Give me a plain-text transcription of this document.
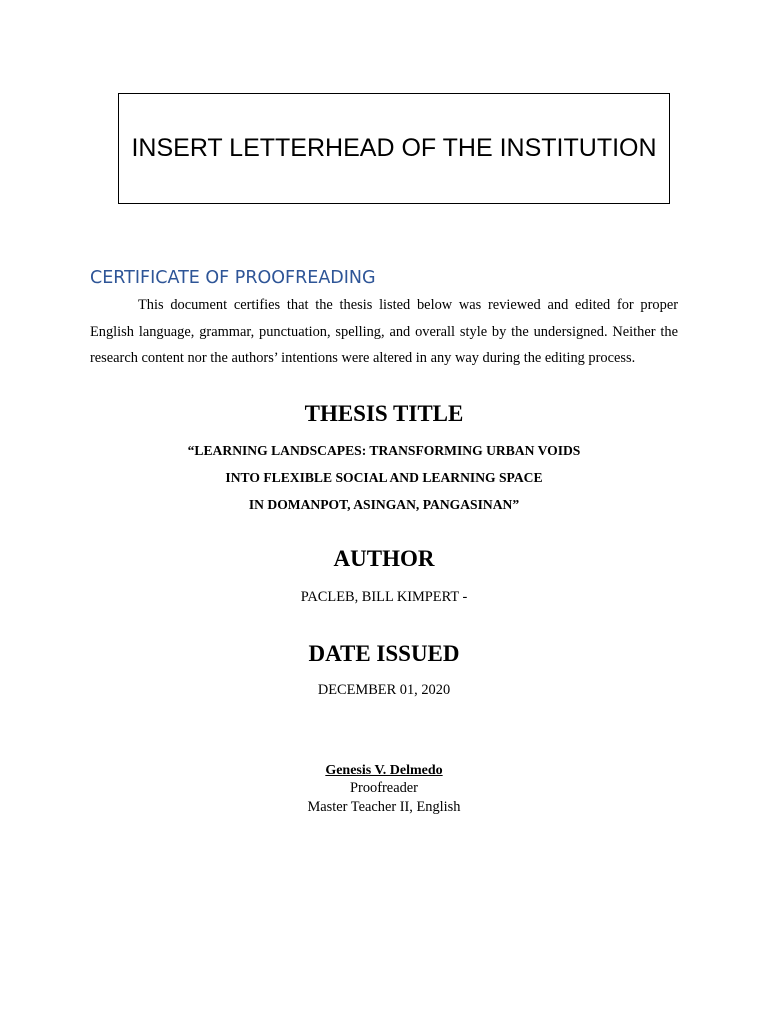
INSERT LETTERHEAD OF THE INSTITUTION
CERTIFICATE OF PROOFREADING

This document certifies that the thesis listed below was reviewed and edited for proper English language, grammar, punctuation, spelling, and overall style by the undersigned. Neither the research content nor the authors’ intentions were altered in any way during the editing process.

THESIS TITLE

“LEARNING LANDSCAPES: TRANSFORMING URBAN VOIDS

INTO FLEXIBLE SOCIAL AND LEARNING SPACE

IN DOMANPOT, ASINGAN, PANGASINAN”

AUTHOR

PACLEB, BILL KIMPERT -

DATE ISSUED

DECEMBER 01, 2020

Genesis V. Delmedo

Proofreader

Master Teacher II, English
